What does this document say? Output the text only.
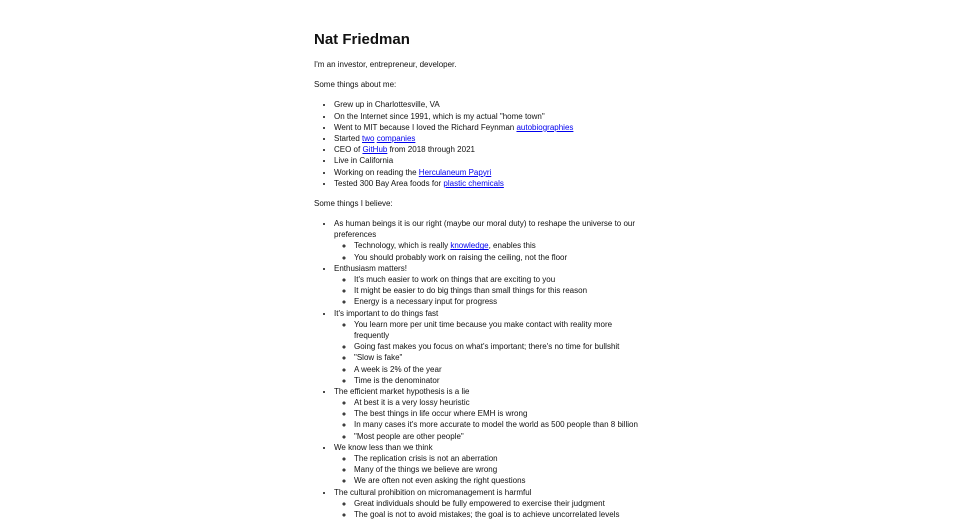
Nat Friedman

I'm an investor, entrepreneur, developer.

Some things about me:

• Grew up in Charlottesville, VA
• On the Internet since 1991, which is my actual "home town"
• Went to MIT because I loved the Richard Feynman autobiographies
• Started two companies
• CEO of GitHub from 2018 through 2021
• Live in California
• Working on reading the Herculaneum Papyri
• Tested 300 Bay Area foods for plastic chemicals

Some things I believe:

• As human beings it is our right (maybe our moral duty) to reshape the universe to our preferences
◦ Technology, which is really knowledge, enables this
◦ You should probably work on raising the ceiling, not the floor
• Enthusiasm matters!
◦ It's much easier to work on things that are exciting to you
◦ It might be easier to do big things than small things for this reason
◦ Energy is a necessary input for progress
• It's important to do things fast
◦ You learn more per unit time because you make contact with reality more frequently
◦ Going fast makes you focus on what's important; there's no time for bullshit
◦ "Slow is fake"
◦ A week is 2% of the year
◦ Time is the denominator
• The efficient market hypothesis is a lie
◦ At best it is a very lossy heuristic
◦ The best things in life occur where EMH is wrong
◦ In many cases it's more accurate to model the world as 500 people than 8 billion
◦ "Most people are other people"
• We know less than we think
◦ The replication crisis is not an aberration
◦ Many of the things we believe are wrong
◦ We are often not even asking the right questions
• The cultural prohibition on micromanagement is harmful
◦ Great individuals should be fully empowered to exercise their judgment
◦ The goal is not to avoid mistakes; the goal is to achieve uncorrelated levels
